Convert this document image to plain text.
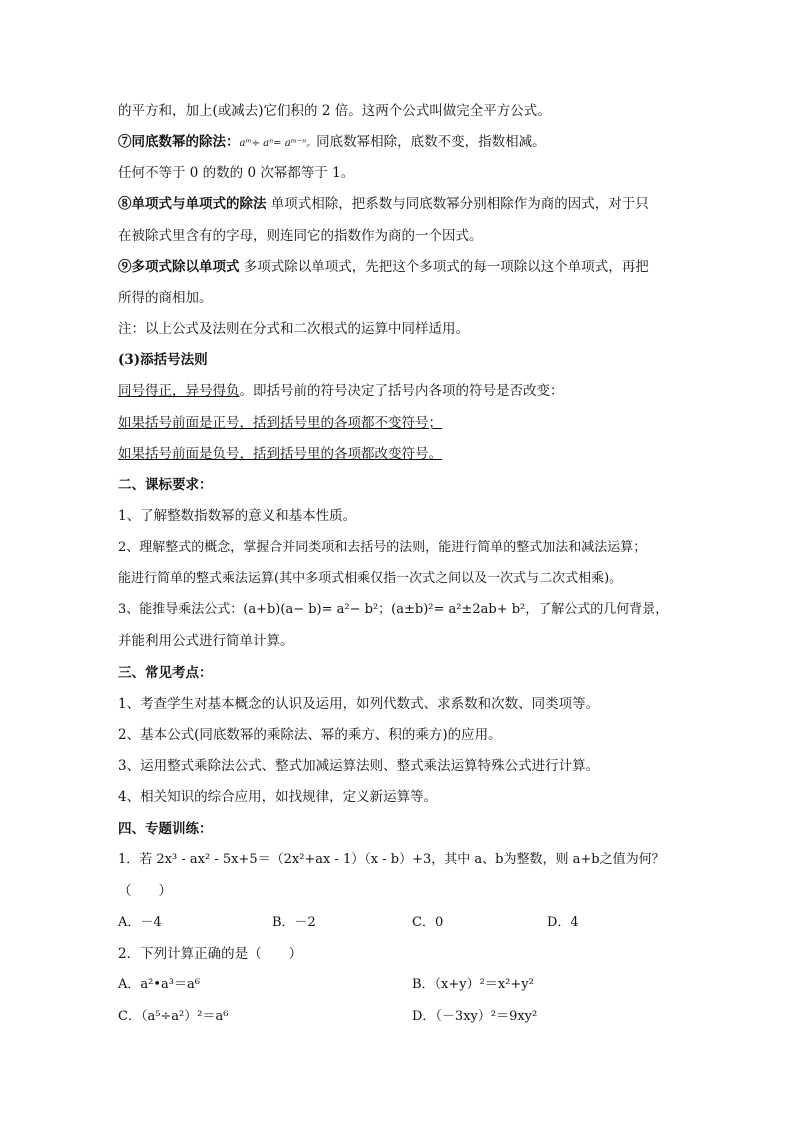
的平方和，加上(或减去)它们积的 2 倍。这两个公式叫做完全平方公式。
⑦同底数幂的除法：aᵐ÷ aⁿ= aᵐ⁻ⁿ。同底数幂相除，底数不变，指数相减。
任何不等于 0 的数的 0 次幂都等于 1。
⑧单项式与单项式的除法 单项式相除，把系数与同底数幂分别相除作为商的因式，对于只
在被除式里含有的字母，则连同它的指数作为商的一个因式。
⑨多项式除以单项式 多项式除以单项式，先把这个多项式的每一项除以这个单项式，再把
所得的商相加。
注：以上公式及法则在分式和二次根式的运算中同样适用。
(3)添括号法则
同号得正，异号得负。即括号前的符号决定了括号内各项的符号是否改变：
如果括号前面是正号，括到括号里的各项都不变符号；
如果括号前面是负号，括到括号里的各项都改变符号。
二、课标要求：
1、了解整数指数幂的意义和基本性质。
2、理解整式的概念，掌握合并同类项和去括号的法则，能进行简单的整式加法和减法运算；
能进行简单的整式乘法运算(其中多项式相乘仅指一次式之间以及一次式与二次式相乘)。
3、能推导乘法公式：(a+b)(a− b)= a²− b²；(a±b)²= a²±2ab+ b²，了解公式的几何背景，
并能利用公式进行简单计算。
三、常见考点：
1、考查学生对基本概念的认识及运用，如列代数式、求系数和次数、同类项等。
2、基本公式(同底数幂的乘除法、幂的乘方、积的乘方)的应用。
3、运用整式乘除法公式、整式加减运算法则、整式乘法运算特殊公式进行计算。
4、相关知识的综合应用，如找规律，定义新运算等。
四、专题训练：
1．若 2x³ - ax² - 5x+5＝（2x²+ax - 1）（x - b）+3，其中 a、b为整数，则 a+b之值为何？
（　　）
A．－4	B．－2	C．0	D．4
2．下列计算正确的是（　　）
A．a²•a³＝a⁶	B．（x+y）²＝x²+y²
C．（a⁵÷a²）²＝a⁶	D．（－3xy）²＝9xy²
